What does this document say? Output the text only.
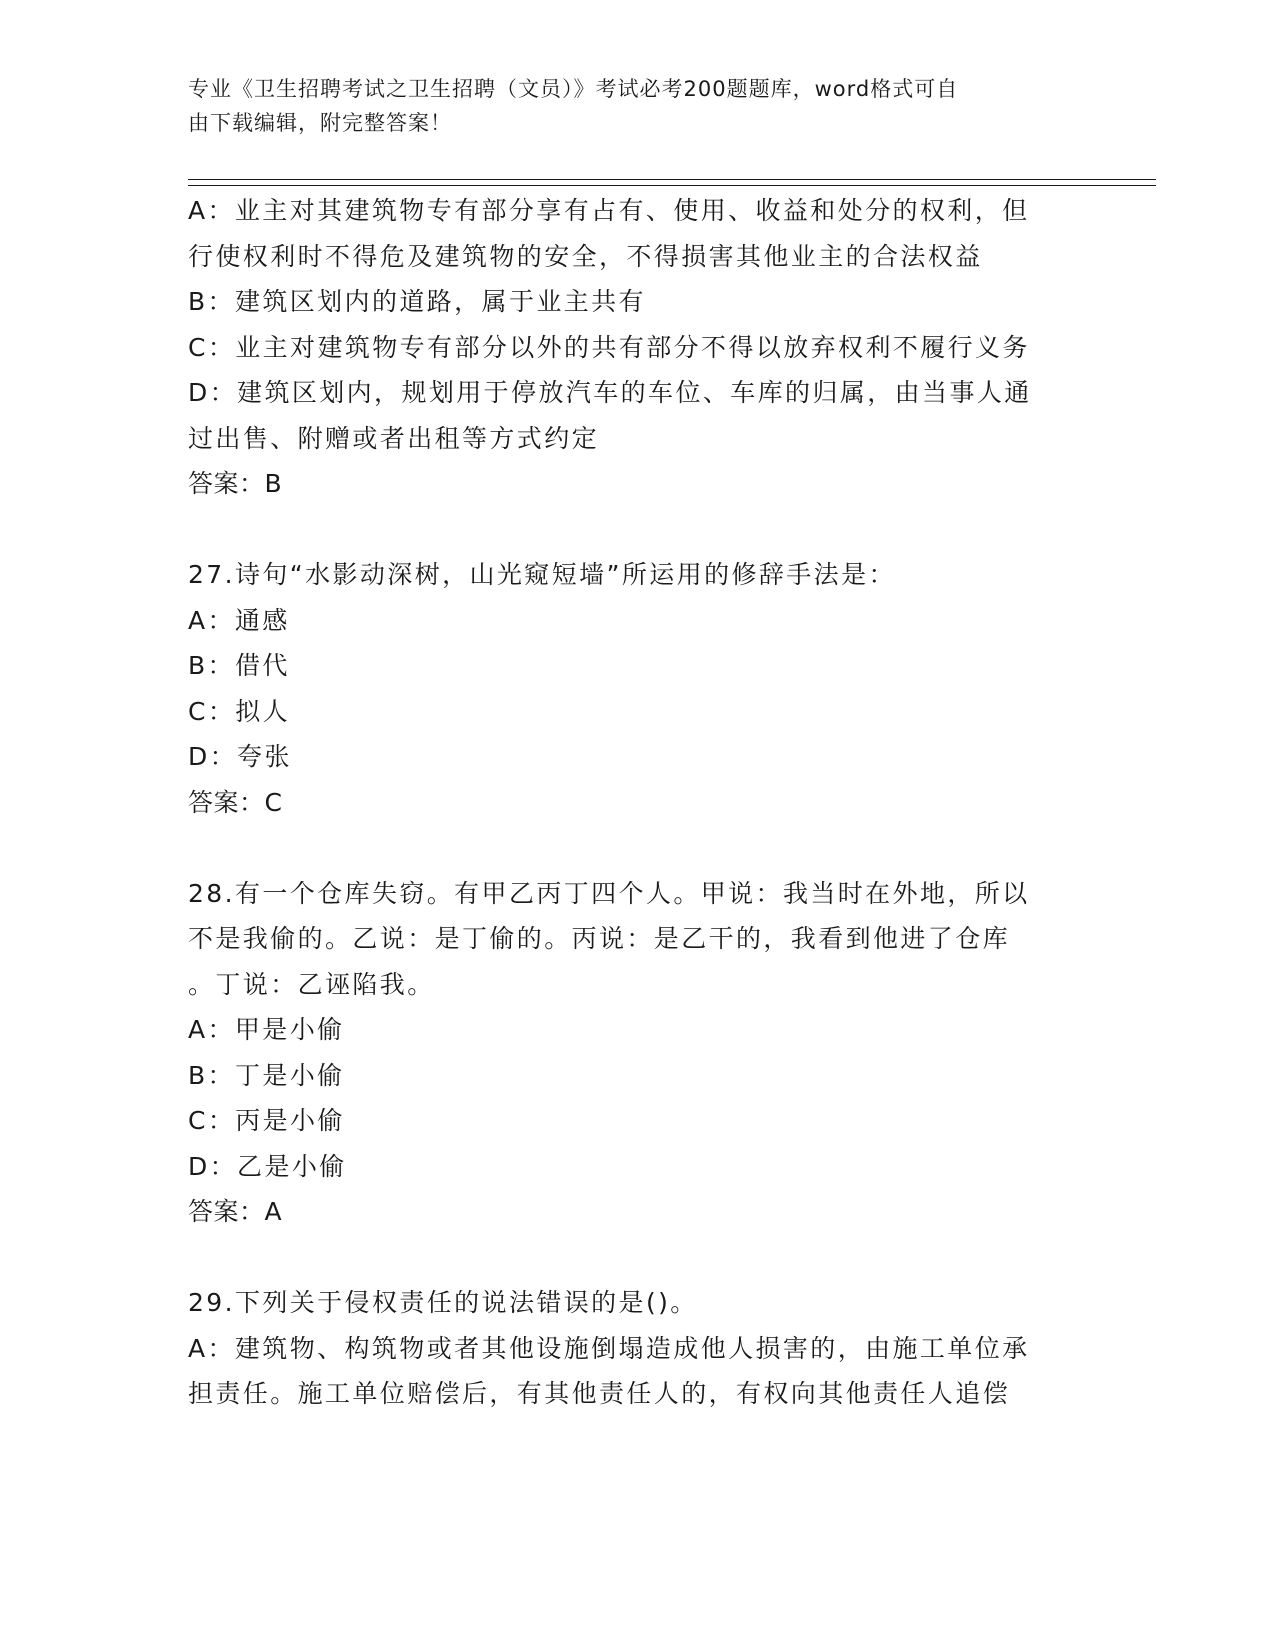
专业《卫生招聘考试之卫生招聘（文员）》考试必考200题题库，word格式可自
由下载编辑，附完整答案！
A：业主对其建筑物专有部分享有占有、使用、收益和处分的权利，但
行使权利时不得危及建筑物的安全，不得损害其他业主的合法权益
B：建筑区划内的道路，属于业主共有
C：业主对建筑物专有部分以外的共有部分不得以放弃权利不履行义务
D：建筑区划内，规划用于停放汽车的车位、车库的归属，由当事人通
过出售、附赠或者出租等方式约定
答案：B
27.诗句“水影动深树，山光窥短墙”所运用的修辞手法是：
A：通感
B：借代
C：拟人
D：夸张
答案：C
28.有一个仓库失窃。有甲乙丙丁四个人。甲说：我当时在外地，所以
不是我偷的。乙说：是丁偷的。丙说：是乙干的，我看到他进了仓库
。丁说：乙诬陷我。
A：甲是小偷
B：丁是小偷
C：丙是小偷
D：乙是小偷
答案：A
29.下列关于侵权责任的说法错误的是()。
A：建筑物、构筑物或者其他设施倒塌造成他人损害的，由施工单位承
担责任。施工单位赔偿后，有其他责任人的，有权向其他责任人追偿
